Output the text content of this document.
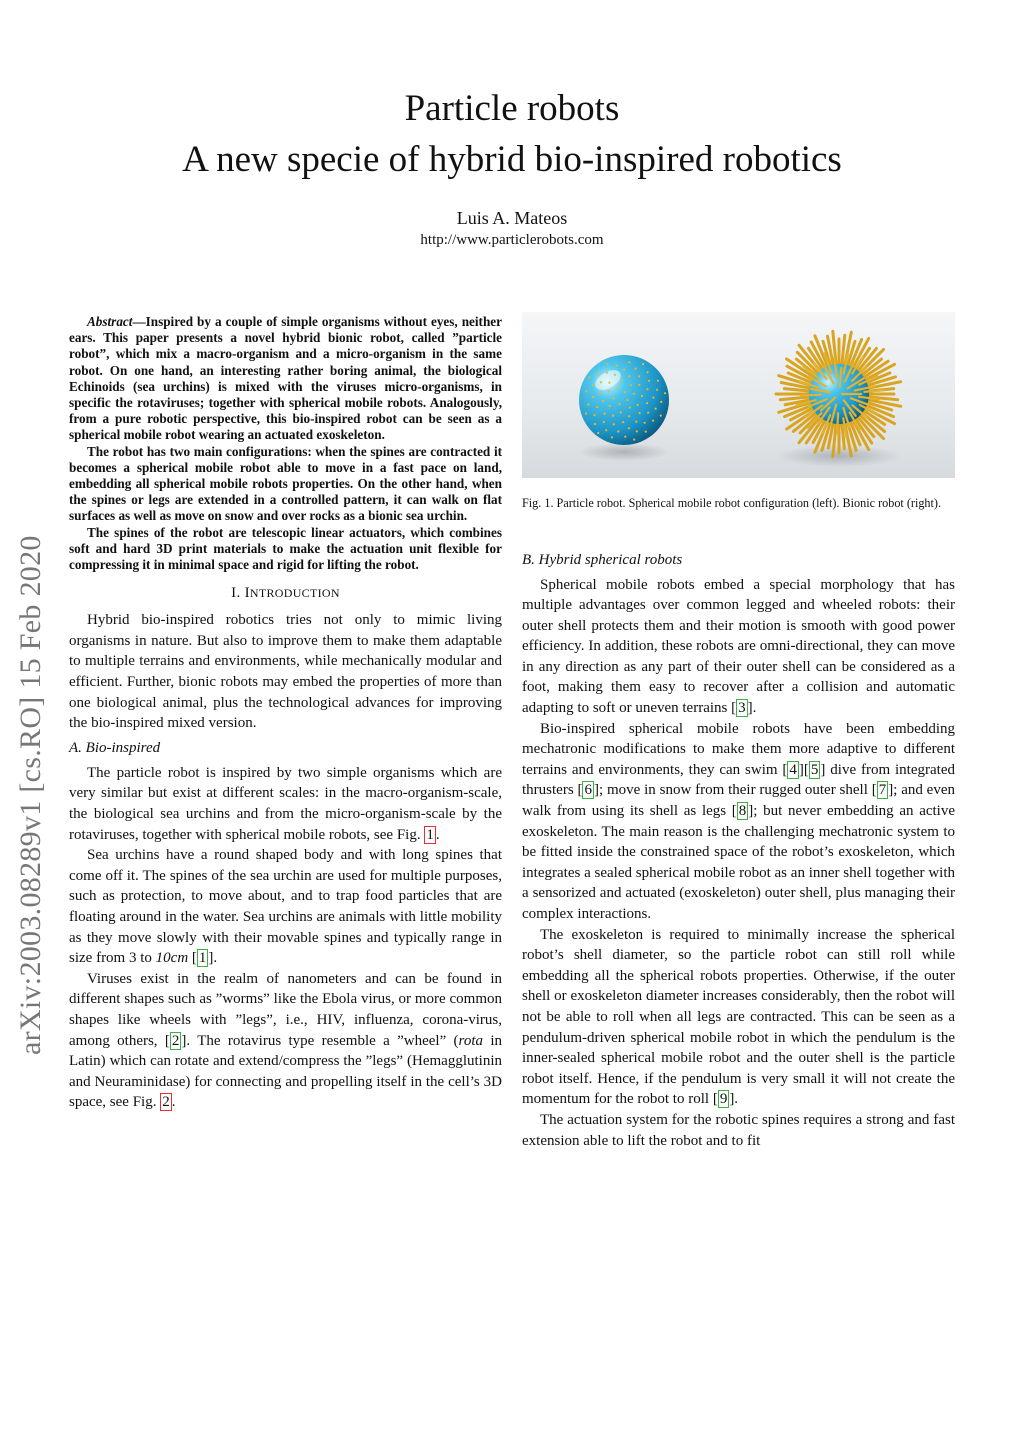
Particle robots
A new specie of hybrid bio-inspired robotics
Luis A. Mateos
http://www.particlerobots.com
arXiv:2003.08289v1 [cs.RO] 15 Feb 2020

Abstract—Inspired by a couple of simple organisms without eyes, neither ears. This paper presents a novel hybrid bionic robot, called ”particle robot”, which mix a macro-organism and a micro-organism in the same robot. On one hand, an interesting rather boring animal, the biological Echinoids (sea urchins) is mixed with the viruses micro-organisms, in specific the rotaviruses; together with spherical mobile robots. Analogously, from a pure robotic perspective, this bio-inspired robot can be seen as a spherical mobile robot wearing an actuated exoskeleton.

The robot has two main configurations: when the spines are contracted it becomes a spherical mobile robot able to move in a fast pace on land, embedding all spherical mobile robots properties. On the other hand, when the spines or legs are extended in a controlled pattern, it can walk on flat surfaces as well as move on snow and over rocks as a bionic sea urchin.

The spines of the robot are telescopic linear actuators, which combines soft and hard 3D print materials to make the actuation unit flexible for compressing it in minimal space and rigid for lifting the robot.

I. INTRODUCTION

Hybrid bio-inspired robotics tries not only to mimic living organisms in nature. But also to improve them to make them adaptable to multiple terrains and environments, while mechanically modular and efficient. Further, bionic robots may embed the properties of more than one biological animal, plus the technological advances for improving the bio-inspired mixed version.

A. Bio-inspired

The particle robot is inspired by two simple organisms which are very similar but exist at different scales: in the macro-organism-scale, the biological sea urchins and from the micro-organism-scale by the rotaviruses, together with spherical mobile robots, see Fig. 1 .

Sea urchins have a round shaped body and with long spines that come off it. The spines of the sea urchin are used for multiple purposes, such as protection, to move about, and to trap food particles that are floating around in the water. Sea urchins are animals with little mobility as they move slowly with their movable spines and typically range in size from 3 to 10cm [ 1 ].

Viruses exist in the realm of nanometers and can be found in different shapes such as ”worms” like the Ebola virus, or more common shapes like wheels with ”legs”, i.e., HIV, influenza, corona-virus, among others, [ 2 ]. The rotavirus type resemble a ”wheel” (rota in Latin) which can rotate and extend/compress the ”legs” (Hemagglutinin and Neuraminidase) for connecting and propelling itself in the cell’s 3D space, see Fig. 2 .

Fig. 1. Particle robot. Spherical mobile robot configuration (left). Bionic robot (right).
B. Hybrid spherical robots

Spherical mobile robots embed a special morphology that has multiple advantages over common legged and wheeled robots: their outer shell protects them and their motion is smooth with good power efficiency. In addition, these robots are omni-directional, they can move in any direction as any part of their outer shell can be considered as a foot, making them easy to recover after a collision and automatic adapting to soft or uneven terrains [ 3 ].

Bio-inspired spherical mobile robots have been embedding mechatronic modifications to make them more adaptive to different terrains and environments, they can swim [ 4 ][ 5 ] dive from integrated thrusters [ 6 ]; move in snow from their rugged outer shell [ 7 ]; and even walk from using its shell as legs [ 8 ]; but never embedding an active exoskeleton. The main reason is the challenging mechatronic system to be fitted inside the constrained space of the robot’s exoskeleton, which integrates a sealed spherical mobile robot as an inner shell together with a sensorized and actuated (exoskeleton) outer shell, plus managing their complex interactions.

The exoskeleton is required to minimally increase the spherical robot’s shell diameter, so the particle robot can still roll while embedding all the spherical robots properties. Otherwise, if the outer shell or exoskeleton diameter increases considerably, then the robot will not be able to roll when all legs are contracted. This can be seen as a pendulum-driven spherical mobile robot in which the pendulum is the inner-sealed spherical mobile robot and the outer shell is the particle robot itself. Hence, if the pendulum is very small it will not create the momentum for the robot to roll [ 9 ].

The actuation system for the robotic spines requires a strong and fast extension able to lift the robot and to fit
